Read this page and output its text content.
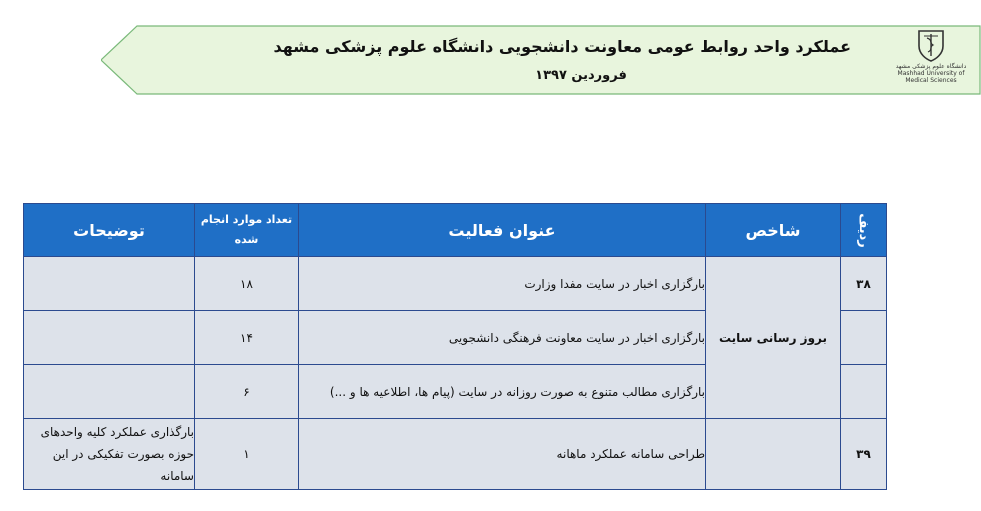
عملکرد واحد روابط عومی معاونت دانشجویی دانشگاه علوم پزشکی مشهد
فروردین ۱۳۹۷
دانشگاه علوم پزشکی مشهد
Mashhad University of
Medical Sciences
ردیف	شاخص	عنوان فعالیت	تعداد موارد انجام شده	توضیحات
۳۸	بروز رسانی سایت	بارگزاری اخبار در سایت مفدا وزارت	۱۸	
		بارگزاری اخبار در سایت معاونت فرهنگی دانشجویی	۱۴	
		بارگزاری مطالب متنوع به صورت روزانه در سایت (پیام ها، اطلاعیه ها و ...)	۶	
۳۹		طراحی سامانه عملکرد ماهانه	۱	بارگذاری عملکرد کلیه واحدهای حوزه بصورت تفکیکی در این سامانه
